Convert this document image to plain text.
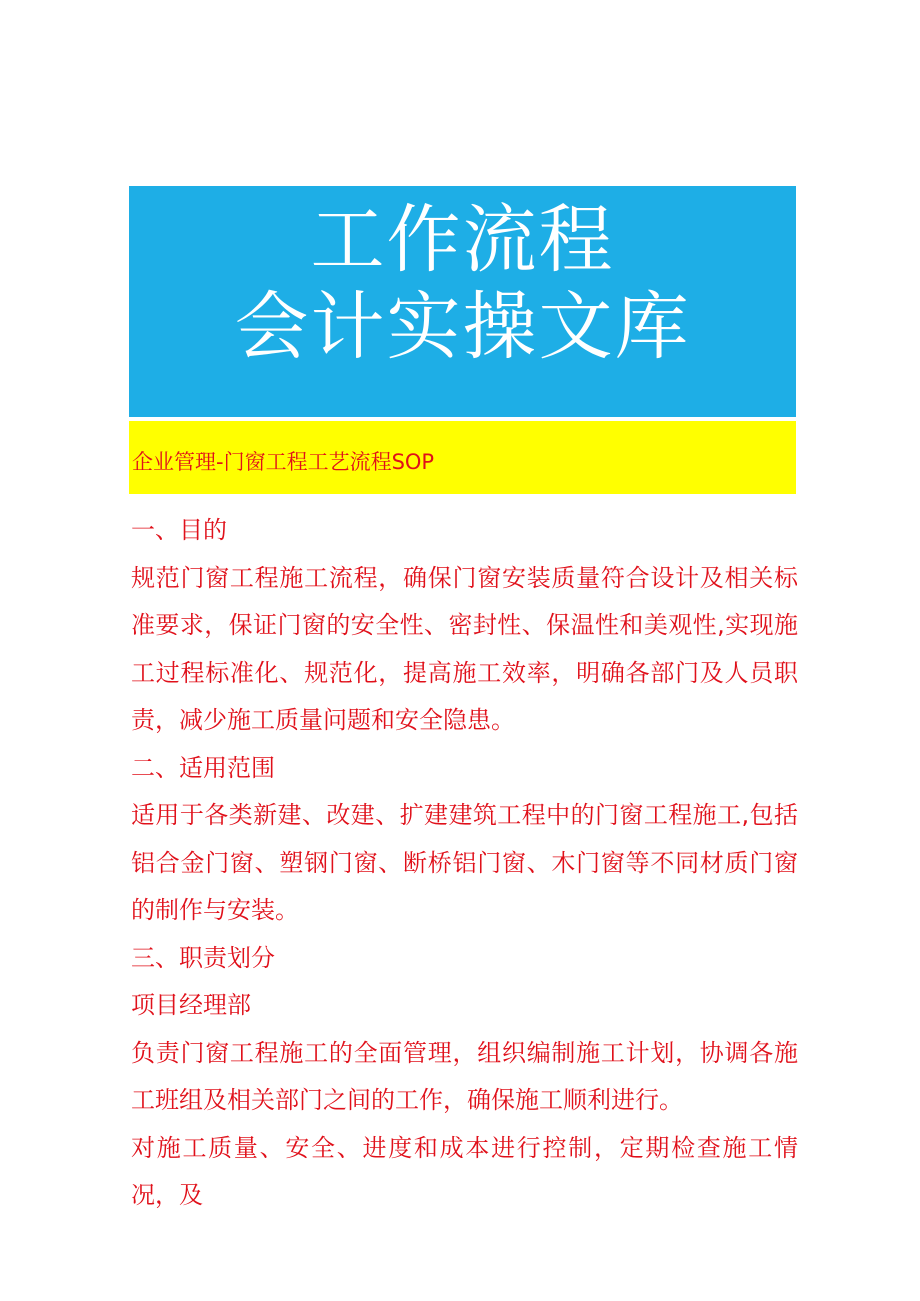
工作流程
会计实操文库
企业管理-门窗工程工艺流程SOP

一、目的

规范门窗工程施工流程，确保门窗安装质量符合设计及相关标准要求，保证门窗的安全性、密封性、保温性和美观性,实现施工过程标准化、规范化，提高施工效率，明确各部门及人员职责，减少施工质量问题和安全隐患。

二、适用范围

适用于各类新建、改建、扩建建筑工程中的门窗工程施工,包括铝合金门窗、塑钢门窗、断桥铝门窗、木门窗等不同材质门窗的制作与安装。

三、职责划分

项目经理部

负责门窗工程施工的全面管理，组织编制施工计划，协调各施工班组及相关部门之间的工作，确保施工顺利进行。

对施工质量、安全、进度和成本进行控制，定期检查施工情况，及
